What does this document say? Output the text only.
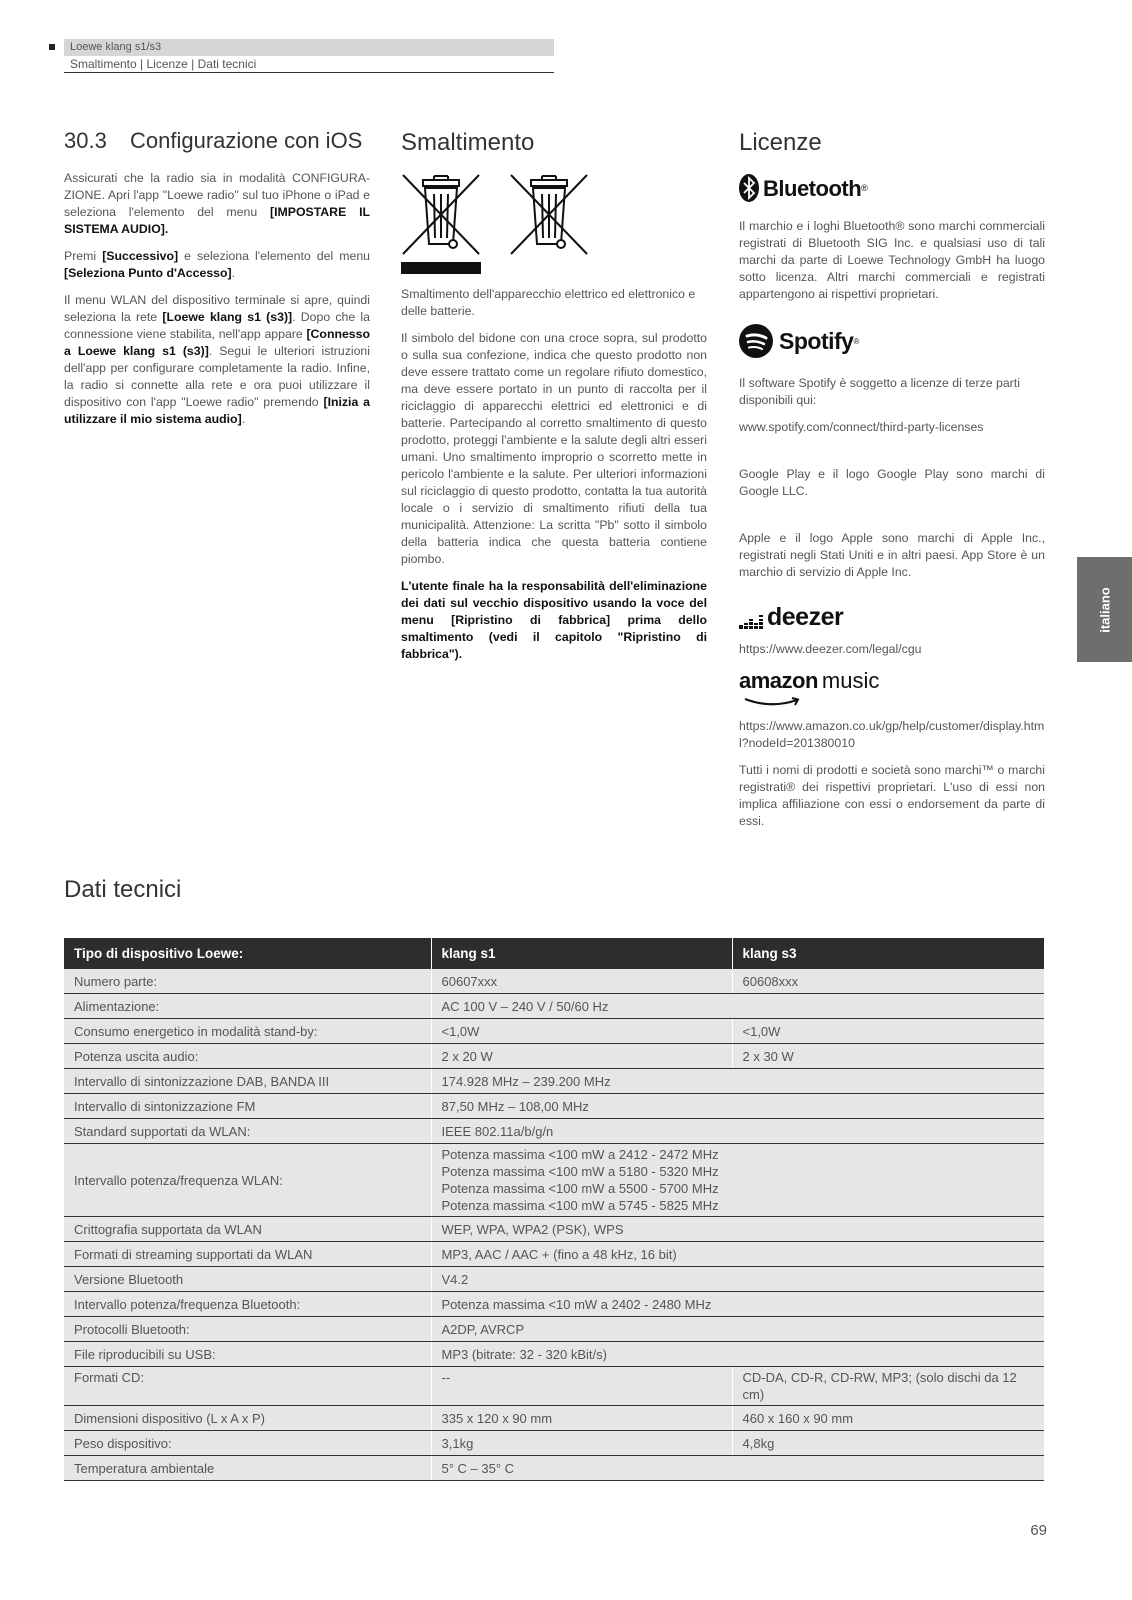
Loewe klang s1/s3
Smaltimento | Licenze | Dati tecnici
30.3 Configurazione con iOS

Assicurati che la radio sia in modalità CONFIGURA-ZIONE. Apri l'app "Loewe radio" sul tuo iPhone o iPad e seleziona l'elemento del menu [IMPOSTARE IL SISTEMA AUDIO].

Premi [Successivo] e seleziona l'elemento del menu [Seleziona Punto d'Accesso].

Il menu WLAN del dispositivo terminale si apre, quindi seleziona la rete [Loewe klang s1 (s3)]. Dopo che la connessione viene stabilita, nell'app appare [Connesso a Loewe klang s1 (s3)]. Segui le ulteriori istruzioni dell'app per configurare completamente la radio. Infine, la radio si connette alla rete e ora puoi utilizzare il dispositivo con l'app "Loewe radio" premendo [Inizia a utilizzare il mio sistema audio].

Smaltimento

Smaltimento dell'apparecchio elettrico ed elettronico e delle batterie.

Il simbolo del bidone con una croce sopra, sul prodotto o sulla sua confezione, indica che questo prodotto non deve essere trattato come un regolare rifiuto domestico, ma deve essere portato in un punto di raccolta per il riciclaggio di apparecchi elettrici ed elettronici e di batterie. Partecipando al corretto smaltimento di questo prodotto, proteggi l'ambiente e la salute degli altri esseri umani. Uno smaltimento improprio o scorretto mette in pericolo l'ambiente e la salute. Per ulteriori informazioni sul riciclaggio di questo prodotto, contatta la tua autorità locale o i servizio di smaltimento rifiuti della tua municipalità. Attenzione: La scritta "Pb" sotto il simbolo della batteria indica che questa batteria contiene piombo.

L'utente finale ha la responsabilità dell'eliminazione dei dati sul vecchio dispositivo usando la voce del menu [Ripristino di fabbrica] prima dello smaltimento (vedi il capitolo "Ripristino di fabbrica").

Licenze
Bluetooth ®

Il marchio e i loghi Bluetooth® sono marchi commerciali registrati di Bluetooth SIG Inc. e qualsiasi uso di tali marchi da parte di Loewe Technology GmbH ha luogo sotto licenza. Altri marchi commerciali e registrati appartengono ai rispettivi proprietari.

Spotify ®

Il software Spotify è soggetto a licenze di terze parti disponibili qui:

www.spotify.com/connect/third-party-licenses

Google Play e il logo Google Play sono marchi di Google LLC.

Apple e il logo Apple sono marchi di Apple Inc., registrati negli Stati Uniti e in altri paesi. App Store è un marchio di servizio di Apple Inc.

deezer

https://www.deezer.com/legal/cgu

amazon music

https://www.amazon.co.uk/gp/help/customer/display.html?nodeId=201380010

Tutti i nomi di prodotti e società sono marchi™ o marchi registrati® dei rispettivi proprietari. L'uso di essi non implica affiliazione con essi o endorsement da parte di essi.

Dati tecnici
Tipo di dispositivo Loewe:	klang s1	klang s3
Numero parte:	60607xxx	60608xxx
Alimentazione:	AC 100 V – 240 V / 50/60 Hz	
Consumo energetico in modalità stand-by:	<1,0W	<1,0W
Potenza uscita audio:	2 x 20 W	2 x 30 W
Intervallo di sintonizzazione DAB, BANDA III	174.928 MHz – 239.200 MHz	
Intervallo di sintonizzazione FM	87,50 MHz – 108,00 MHz	
Standard supportati da WLAN:	IEEE 802.11a/b/g/n	
Intervallo potenza/frequenza WLAN:	Potenza massima <100 mW a 2412 - 2472 MHz
Potenza massima <100 mW a 5180 - 5320 MHz
Potenza massima <100 mW a 5500 - 5700 MHz
Potenza massima <100 mW a 5745 - 5825 MHz	

Crittografia supportata da WLAN	WEP, WPA, WPA2 (PSK), WPS	
Formati di streaming supportati da WLAN	MP3, AAC / AAC + (fino a 48 kHz, 16 bit)	
Versione Bluetooth	V4.2	
Intervallo potenza/frequenza Bluetooth:	Potenza massima <10 mW a 2402 - 2480 MHz	
Protocolli Bluetooth:	A2DP, AVRCP	
File riproducibili su USB:	MP3 (bitrate: 32 - 320 kBit/s)	
Formati CD:	--	CD-DA, CD-R, CD-RW, MP3; (solo dischi da 12 cm)
Dimensioni dispositivo (L x A x P)	335 x 120 x 90 mm	460 x 160 x 90 mm
Peso dispositivo:	3,1kg	4,8kg
Temperatura ambientale	5° C – 35° C	
italiano
69
